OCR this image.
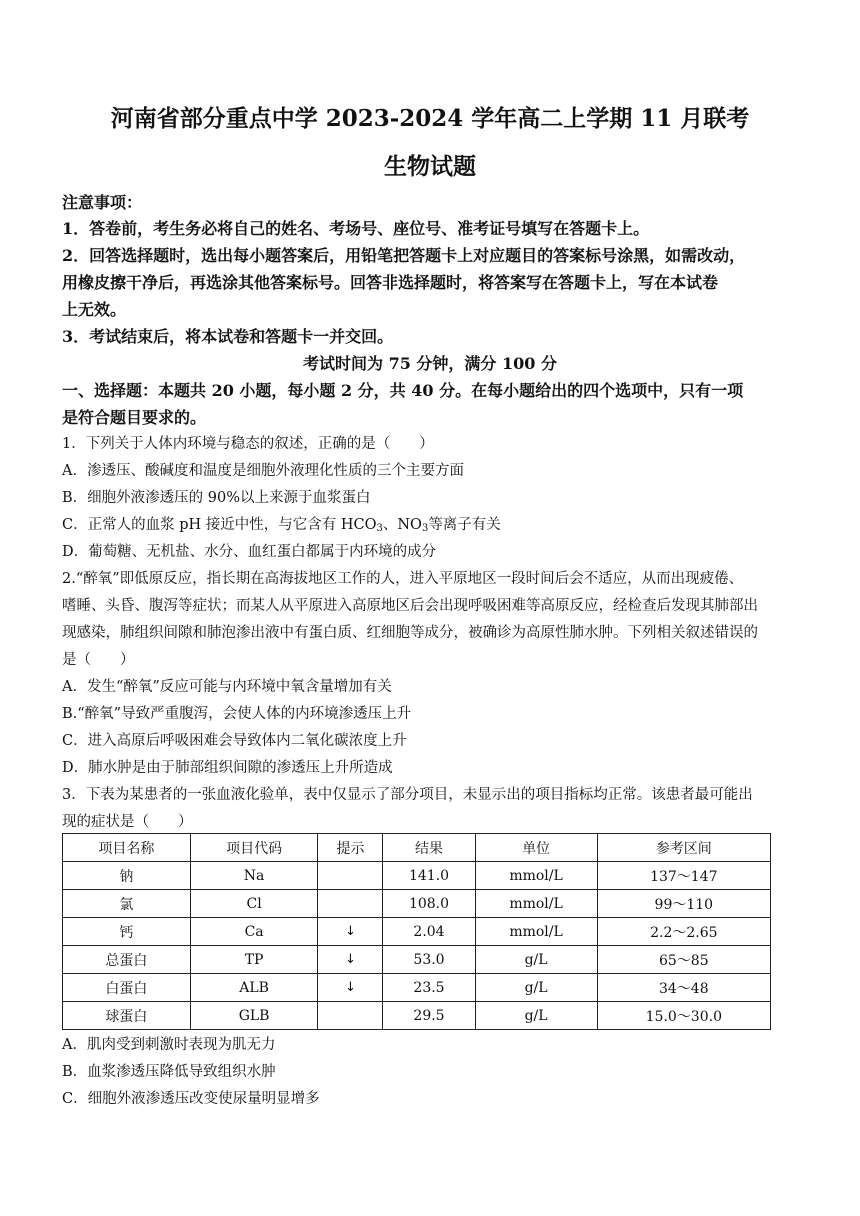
河南省部分重点中学 2023-2024 学年高二上学期 11 月联考
生物试题
注意事项：
1．答卷前，考生务必将自己的姓名、考场号、座位号、准考证号填写在答题卡上。
2．回答选择题时，选出每小题答案后，用铅笔把答题卡上对应题目的答案标号涂黑，如需改动，
用橡皮擦干净后，再选涂其他答案标号。回答非选择题时，将答案写在答题卡上，写在本试卷
上无效。
3．考试结束后，将本试卷和答题卡一并交回。
考试时间为 75 分钟，满分 100 分
一、选择题：本题共 20 小题，每小题 2 分，共 40 分。在每小题给出的四个选项中，只有一项
是符合题目要求的。
1．下列关于人体内环境与稳态的叙述，正确的是（　　）
A．渗透压、酸碱度和温度是细胞外液理化性质的三个主要方面
B．细胞外液渗透压的 90%以上来源于血浆蛋白
C．正常人的血浆 pH 接近中性，与它含有 $HCO_3$、$NO_3$等离子有关
D．葡萄糖、无机盐、水分、血红蛋白都属于内环境的成分
2.“醉氧”即低原反应，指长期在高海拔地区工作的人，进入平原地区一段时间后会不适应，从而出现疲倦、
嗜睡、头昏、腹泻等症状；而某人从平原进入高原地区后会出现呼吸困难等高原反应，经检查后发现其肺部出
现感染，肺组织间隙和肺泡渗出液中有蛋白质、红细胞等成分，被确诊为高原性肺水肿。下列相关叙述错误的
是（　　）
A．发生“醉氧”反应可能与内环境中氧含量增加有关
B.“醉氧”导致严重腹泻，会使人体的内环境渗透压上升
C．进入高原后呼吸困难会导致体内二氧化碳浓度上升
D．肺水肿是由于肺部组织间隙的渗透压上升所造成
3．下表为某患者的一张血液化验单，表中仅显示了部分项目，未显示出的项目指标均正常。该患者最可能出
现的症状是（　　）
项目名称	项目代码	提示	结果	单位	参考区间
钠	Na		141.0	mmol/L	137～147
氯	Cl		108.0	mmol/L	99～110
钙	Ca	↓	2.04	mmol/L	2.2～2.65
总蛋白	TP	↓	53.0	g/L	65～85
白蛋白	ALB	↓	23.5	g/L	34～48
球蛋白	GLB		29.5	g/L	15.0～30.0
A．肌肉受到刺激时表现为肌无力
B．血浆渗透压降低导致组织水肿
C．细胞外液渗透压改变使尿量明显增多
